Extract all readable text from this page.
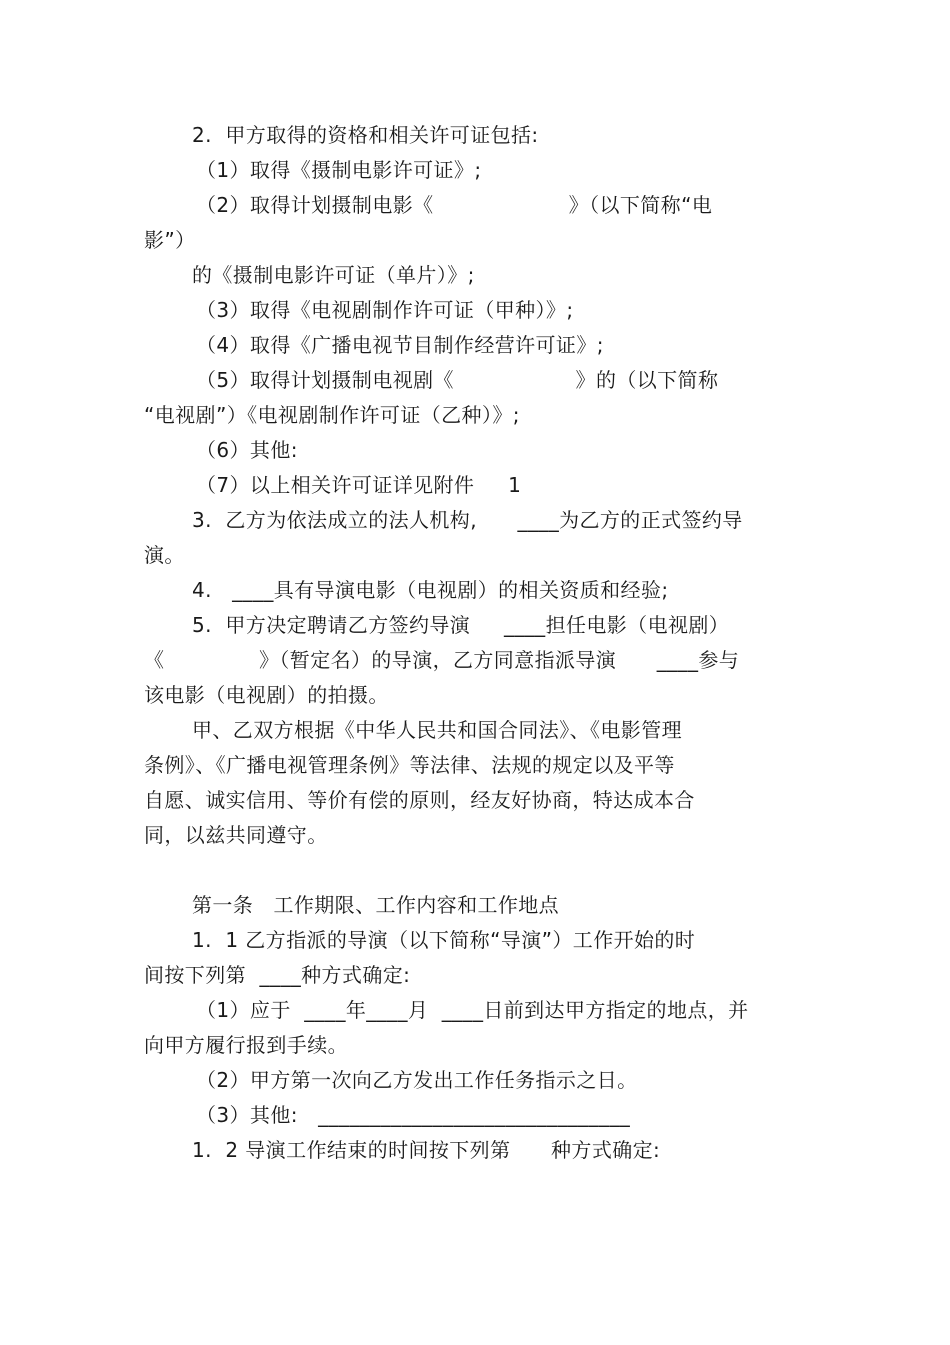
2.  甲方取得的资格和相关许可证包括:
（1）取得《摄制电影许可证》;
（2）取得计划摄制电影《                    》（以下简称“电
影”）
的《摄制电影许可证（单片）》;
（3）取得《电视剧制作许可证（甲种）》;
（4）取得《广播电视节目制作经营许可证》;
（5）取得计划摄制电视剧《                  》的（以下简称
“电视剧”）《电视剧制作许可证（乙种）》;
（6）其他:
（7）以上相关许可证详见附件     1
3.  乙方为依法成立的法人机构,      ____为乙方的正式签约导
演。
4.   ____具有导演电影（电视剧）的相关资质和经验;
5.  甲方决定聘请乙方签约导演     ____担任电影（电视剧）
《              》（暂定名）的导演，乙方同意指派导演      ____参与
该电影（电视剧）的拍摄。
甲、乙双方根据《中华人民共和国合同法》、《电影管理
条例》、《广播电视管理条例》等法律、法规的规定以及平等
自愿、诚实信用、等价有偿的原则，经友好协商，特达成本合
同，以兹共同遵守。
第一条   工作期限、工作内容和工作地点
1.  1 乙方指派的导演（以下简称“导演”）工作开始的时
间按下列第  ____种方式确定:
（1）应于  ____年____月  ____日前到达甲方指定的地点，并
向甲方履行报到手续。
（2）甲方第一次向乙方发出工作任务指示之日。
（3）其他:   ______________________________
1.  2 导演工作结束的时间按下列第      种方式确定:
